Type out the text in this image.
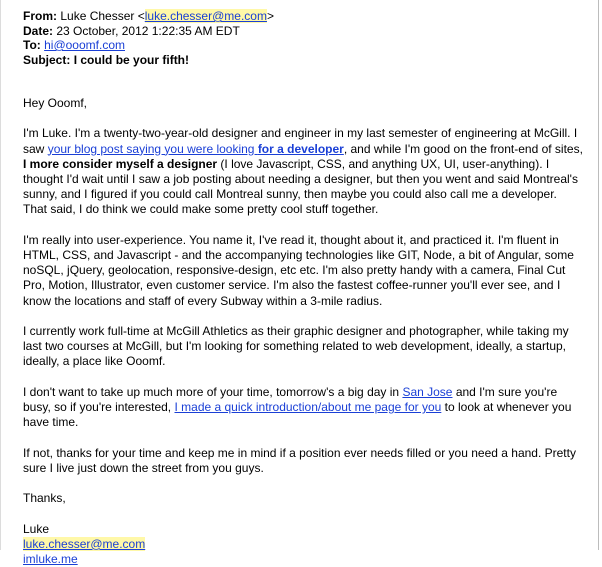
From: Luke Chesser <luke.chesser@me.com>
Date: 23 October, 2012 1:22:35 AM EDT
To: hi@ooomf.com
Subject: I could be your fifth!

Hey Ooomf,

I'm Luke. I'm a twenty-two-year-old designer and engineer in my last semester of engineering at McGill. I saw your blog post saying you were looking for a developer, and while I'm good on the front-end of sites, I more consider myself a designer (I love Javascript, CSS, and anything UX, UI, user-anything). I thought I'd wait until I saw a job posting about needing a designer, but then you went and said Montreal's sunny, and I figured if you could call Montreal sunny, then maybe you could also call me a developer. That said, I do think we could make some pretty cool stuff together.

I'm really into user-experience. You name it, I've read it, thought about it, and practiced it. I'm fluent in HTML, CSS, and Javascript - and the accompanying technologies like GIT, Node, a bit of Angular, some noSQL, jQuery, geolocation, responsive-design, etc etc. I'm also pretty handy with a camera, Final Cut Pro, Motion, Illustrator, even customer service. I'm also the fastest coffee-runner you'll ever see, and I know the locations and staff of every Subway within a 3-mile radius.

I currently work full-time at McGill Athletics as their graphic designer and photographer, while taking my last two courses at McGill, but I'm looking for something related to web development, ideally, a startup, ideally, a place like Ooomf.

I don't want to take up much more of your time, tomorrow's a big day in San Jose and I'm sure you're busy, so if you're interested, I made a quick introduction/about me page for you to look at whenever you have time.

If not, thanks for your time and keep me in mind if a position ever needs filled or you need a hand. Pretty sure I live just down the street from you guys.

Thanks,

Luke

luke.chesser@me.com

imluke.me
